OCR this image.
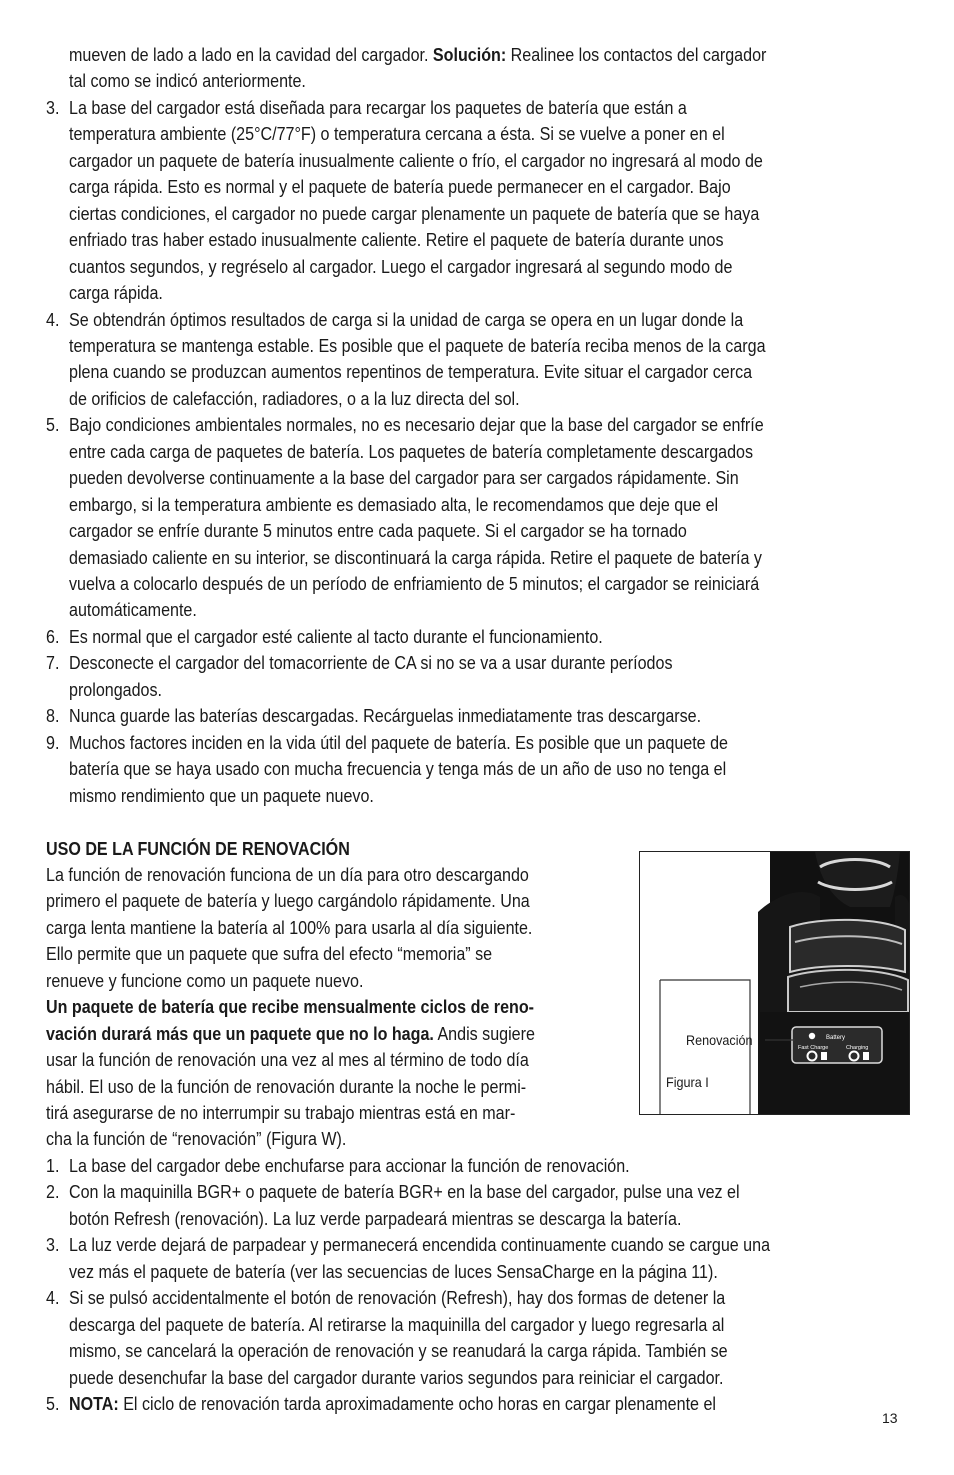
mueven de lado a lado en la cavidad del cargador. Solución: Realinee los contactos del cargador
tal como se indicó anteriormente.
3. La base del cargador está diseñada para recargar los paquetes de batería que están a
temperatura ambiente (25°C/77°F) o temperatura cercana a ésta. Si se vuelve a poner en el
cargador un paquete de batería inusualmente caliente o frío, el cargador no ingresará al modo de
carga rápida. Esto es normal y el paquete de batería puede permanecer en el cargador. Bajo
ciertas condiciones, el cargador no puede cargar plenamente un paquete de batería que se haya
enfriado tras haber estado inusualmente caliente. Retire el paquete de batería durante unos
cuantos segundos, y regréselo al cargador. Luego el cargador ingresará al segundo modo de
carga rápida.
4. Se obtendrán óptimos resultados de carga si la unidad de carga se opera en un lugar donde la
temperatura se mantenga estable. Es posible que el paquete de batería reciba menos de la carga
plena cuando se produzcan aumentos repentinos de temperatura. Evite situar el cargador cerca
de orificios de calefacción, radiadores, o a la luz directa del sol.
5. Bajo condiciones ambientales normales, no es necesario dejar que la base del cargador se enfríe
entre cada carga de paquetes de batería. Los paquetes de batería completamente descargados
pueden devolverse continuamente a la base del cargador para ser cargados rápidamente. Sin
embargo, si la temperatura ambiente es demasiado alta, le recomendamos que deje que el
cargador se enfríe durante 5 minutos entre cada paquete. Si el cargador se ha tornado
demasiado caliente en su interior, se discontinuará la carga rápida. Retire el paquete de batería y
vuelva a colocarlo después de un período de enfriamiento de 5 minutos; el cargador se reiniciará
automáticamente.
6. Es normal que el cargador esté caliente al tacto durante el funcionamiento.
7. Desconecte el cargador del tomacorriente de CA si no se va a usar durante períodos
prolongados.
8. Nunca guarde las baterías descargadas. Recárguelas inmediatamente tras descargarse.
9. Muchos factores inciden en la vida útil del paquete de batería. Es posible que un paquete de
batería que se haya usado con mucha frecuencia y tenga más de un año de uso no tenga el
mismo rendimiento que un paquete nuevo.
USO DE LA FUNCIÓN DE RENOVACIÓN
La función de renovación funciona de un día para otro descargando
primero el paquete de batería y luego cargándolo rápidamente. Una
carga lenta mantiene la batería al 100% para usarla al día siguiente.
Ello permite que un paquete que sufra del efecto “memoria” se
renueve y funcione como un paquete nuevo.
Un paquete de batería que recibe mensualmente ciclos de reno-
vación durará más que un paquete que no lo haga. Andis sugiere
usar la función de renovación una vez al mes al término de todo día
hábil. El uso de la función de renovación durante la noche le permi-
tirá asegurarse de no interrumpir su trabajo mientras está en mar-
cha la función de “renovación” (Figura W).
1. La base del cargador debe enchufarse para accionar la función de renovación.
2. Con la maquinilla BGR+ o paquete de batería BGR+ en la base del cargador, pulse una vez el
botón Refresh (renovación). La luz verde parpadeará mientras se descarga la batería.
3. La luz verde dejará de parpadear y permanecerá encendida continuamente cuando se cargue una
vez más el paquete de batería (ver las secuencias de luces SensaCharge en la página 11).
4. Si se pulsó accidentalmente el botón de renovación (Refresh), hay dos formas de detener la
descarga del paquete de batería. Al retirarse la maquinilla del cargador y luego regresarla al
mismo, se cancelará la operación de renovación y se reanudará la carga rápida. También se
puede desenchufar la base del cargador durante varios segundos para reiniciar el cargador.
5. NOTA: El ciclo de renovación tarda aproximadamente ocho horas en cargar plenamente el
Battery
Fast Charge	Charging
13
Renovación
Figura I
